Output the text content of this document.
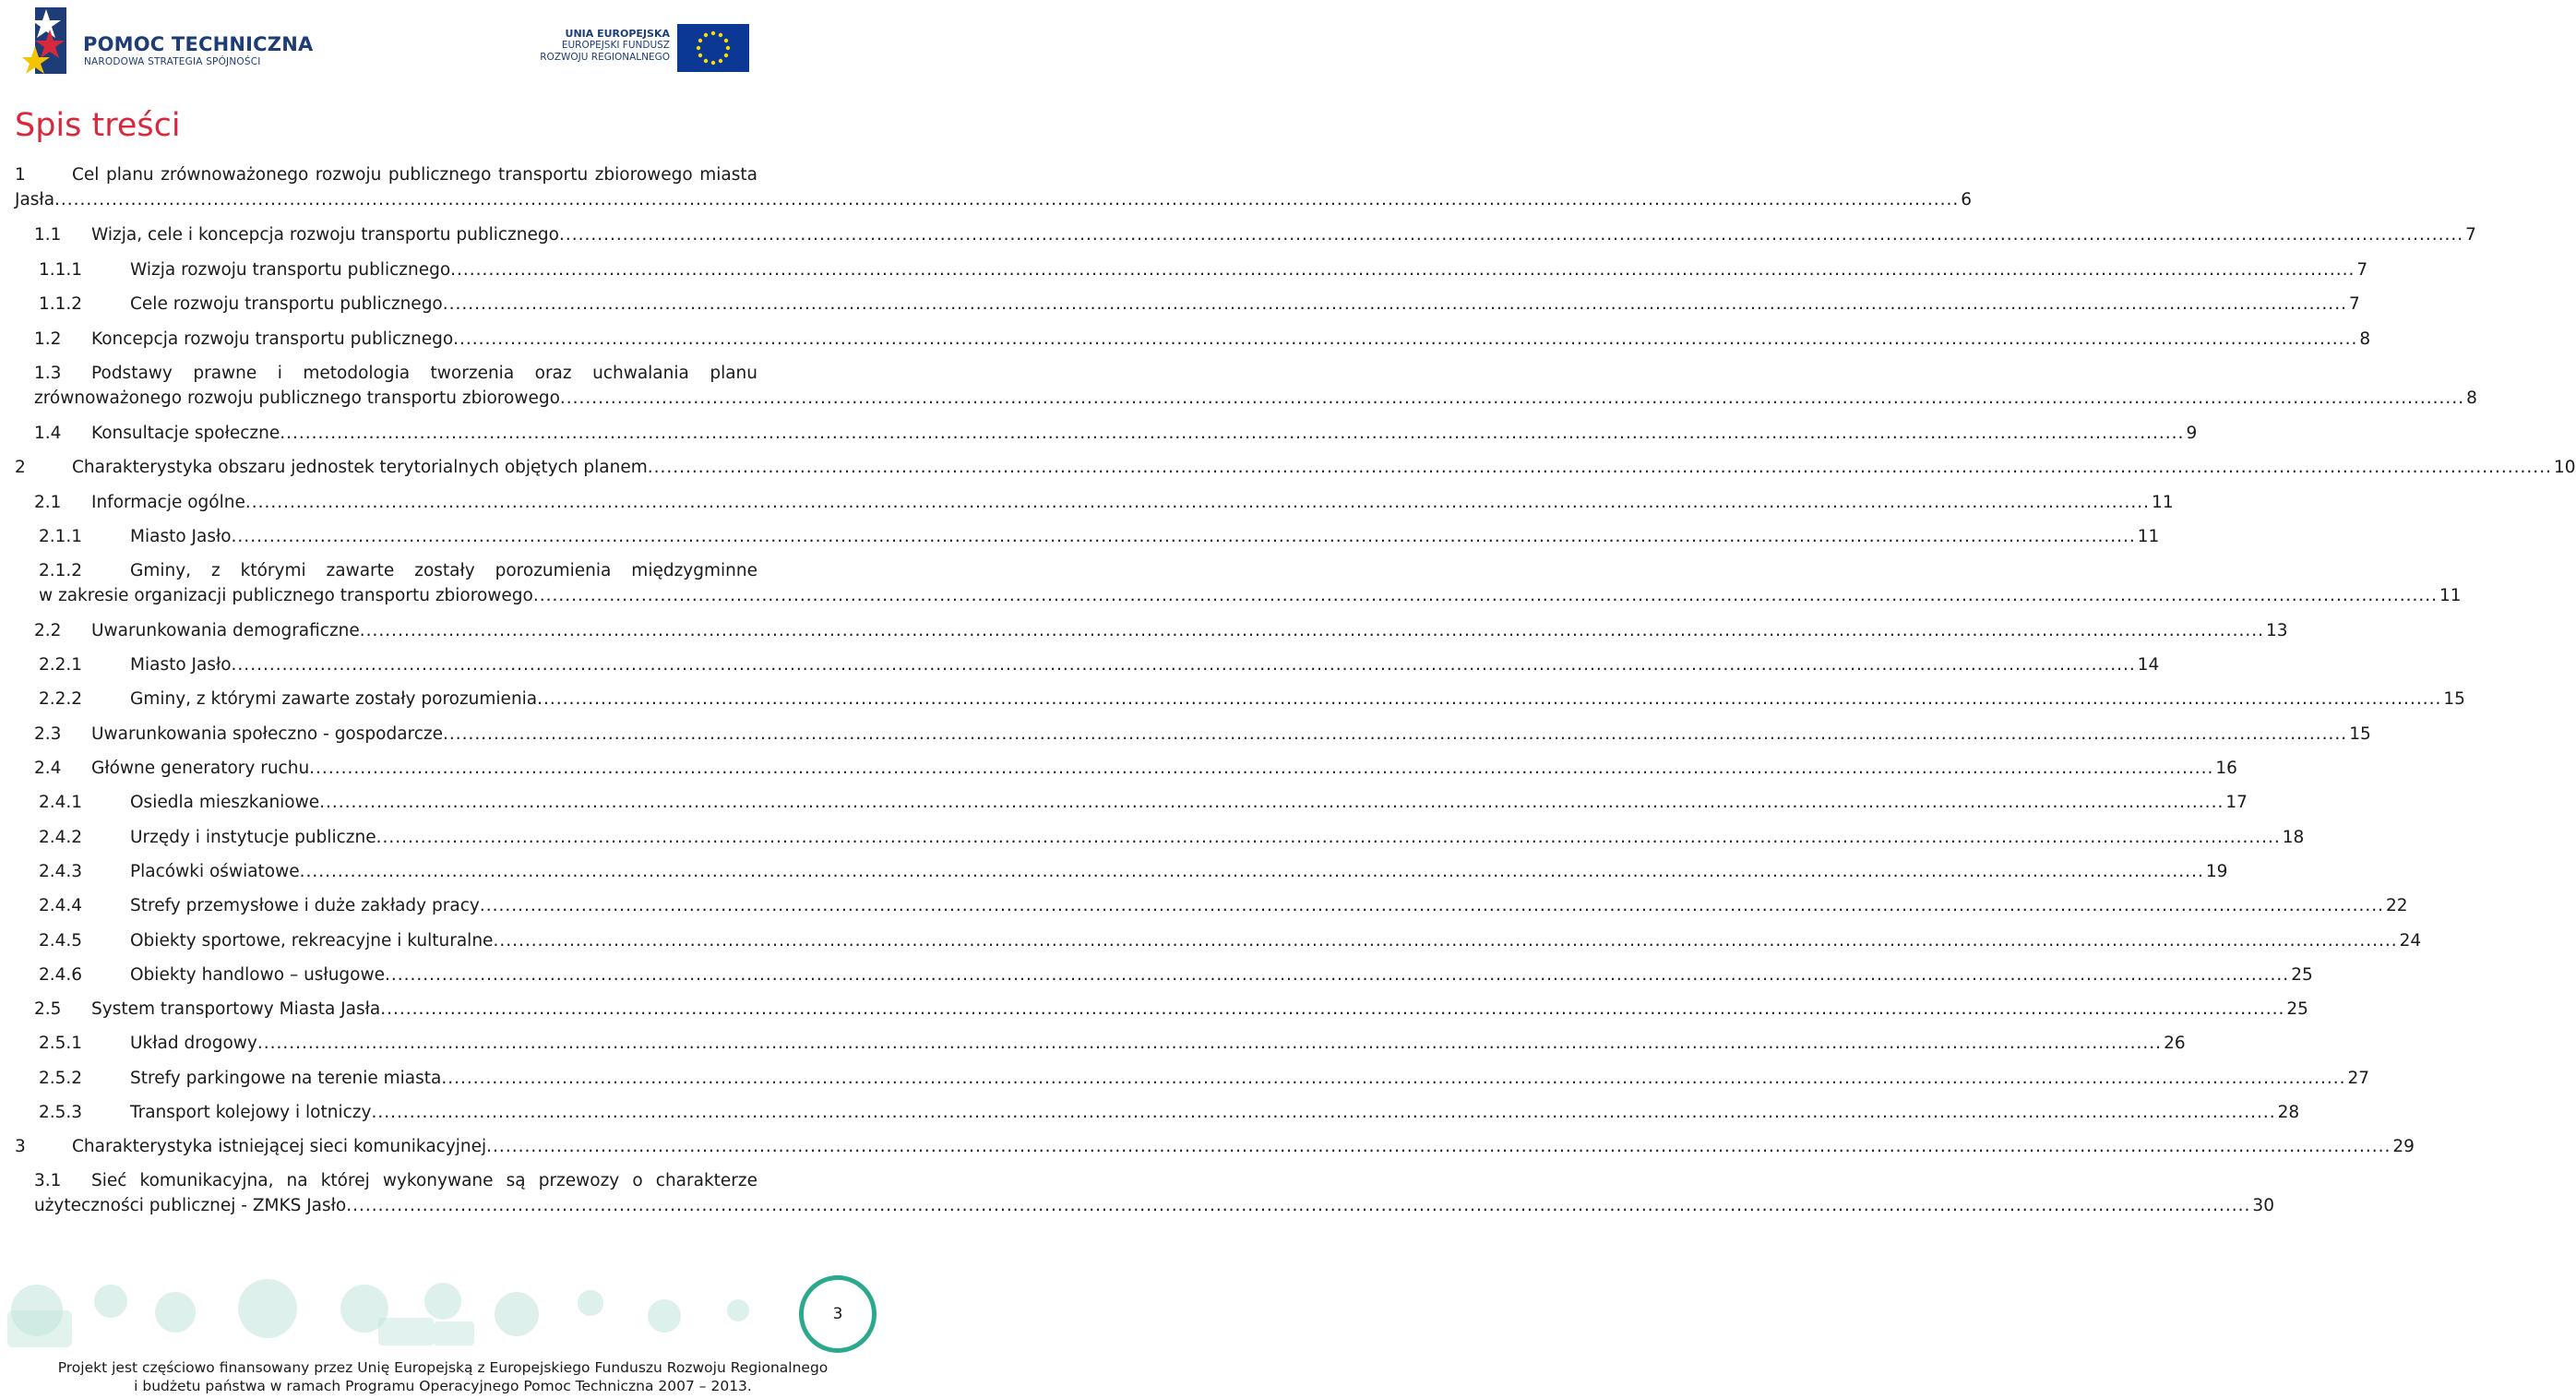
POMOC TECHNICZNA
NARODOWA STRATEGIA SPÓJNOŚCI
UNIA EUROPEJSKA
EUROPEJSKI FUNDUSZ
ROZWOJU REGIONALNEGO
Spis treści
1	Cel planu zrównoważonego rozwoju publicznego transportu zbiorowego miasta
Jasła ............................................................................................................................................................................................................................................................................................................ 6
1.1	Wizja, cele i koncepcja rozwoju transportu publicznego ............................................................................................................................................................................................................................................................................................................ 7
1.1.1	Wizja rozwoju transportu publicznego ............................................................................................................................................................................................................................................................................................................ 7
1.1.2	Cele rozwoju transportu publicznego ............................................................................................................................................................................................................................................................................................................ 7
1.2	Koncepcja rozwoju transportu publicznego ............................................................................................................................................................................................................................................................................................................ 8
1.3	Podstawy prawne i metodologia tworzenia oraz uchwalania planu
zrównoważonego rozwoju publicznego transportu zbiorowego ............................................................................................................................................................................................................................................................................................................ 8
1.4	Konsultacje społeczne ............................................................................................................................................................................................................................................................................................................ 9
2	Charakterystyka obszaru jednostek terytorialnych objętych planem ............................................................................................................................................................................................................................................................................................................ 10
2.1	Informacje ogólne ............................................................................................................................................................................................................................................................................................................ 11
2.1.1	Miasto Jasło ............................................................................................................................................................................................................................................................................................................ 11
2.1.2	Gminy, z którymi zawarte zostały porozumienia międzygminne
w zakresie organizacji publicznego transportu zbiorowego ............................................................................................................................................................................................................................................................................................................ 11
2.2	Uwarunkowania demograficzne ............................................................................................................................................................................................................................................................................................................ 13
2.2.1	Miasto Jasło ............................................................................................................................................................................................................................................................................................................ 14
2.2.2	Gminy, z którymi zawarte zostały porozumienia ............................................................................................................................................................................................................................................................................................................ 15
2.3	Uwarunkowania społeczno - gospodarcze ............................................................................................................................................................................................................................................................................................................ 15
2.4	Główne generatory ruchu ............................................................................................................................................................................................................................................................................................................ 16
2.4.1	Osiedla mieszkaniowe ............................................................................................................................................................................................................................................................................................................ 17
2.4.2	Urzędy i instytucje publiczne ............................................................................................................................................................................................................................................................................................................ 18
2.4.3	Placówki oświatowe ............................................................................................................................................................................................................................................................................................................ 19
2.4.4	Strefy przemysłowe i duże zakłady pracy ............................................................................................................................................................................................................................................................................................................ 22
2.4.5	Obiekty sportowe, rekreacyjne i kulturalne ............................................................................................................................................................................................................................................................................................................ 24
2.4.6	Obiekty handlowo – usługowe ............................................................................................................................................................................................................................................................................................................ 25
2.5	System transportowy Miasta Jasła ............................................................................................................................................................................................................................................................................................................ 25
2.5.1	Układ drogowy ............................................................................................................................................................................................................................................................................................................ 26
2.5.2	Strefy parkingowe na terenie miasta ............................................................................................................................................................................................................................................................................................................ 27
2.5.3	Transport kolejowy i lotniczy ............................................................................................................................................................................................................................................................................................................ 28
3	Charakterystyka istniejącej sieci komunikacyjnej ............................................................................................................................................................................................................................................................................................................ 29
3.1	Sieć komunikacyjna, na której wykonywane są przewozy o charakterze
użyteczności publicznej - ZMKS Jasło ............................................................................................................................................................................................................................................................................................................ 30
3
Projekt jest częściowo finansowany przez Unię Europejską z Europejskiego Funduszu Rozwoju Regionalnego
i budżetu państwa w ramach Programu Operacyjnego Pomoc Techniczna 2007 – 2013.
